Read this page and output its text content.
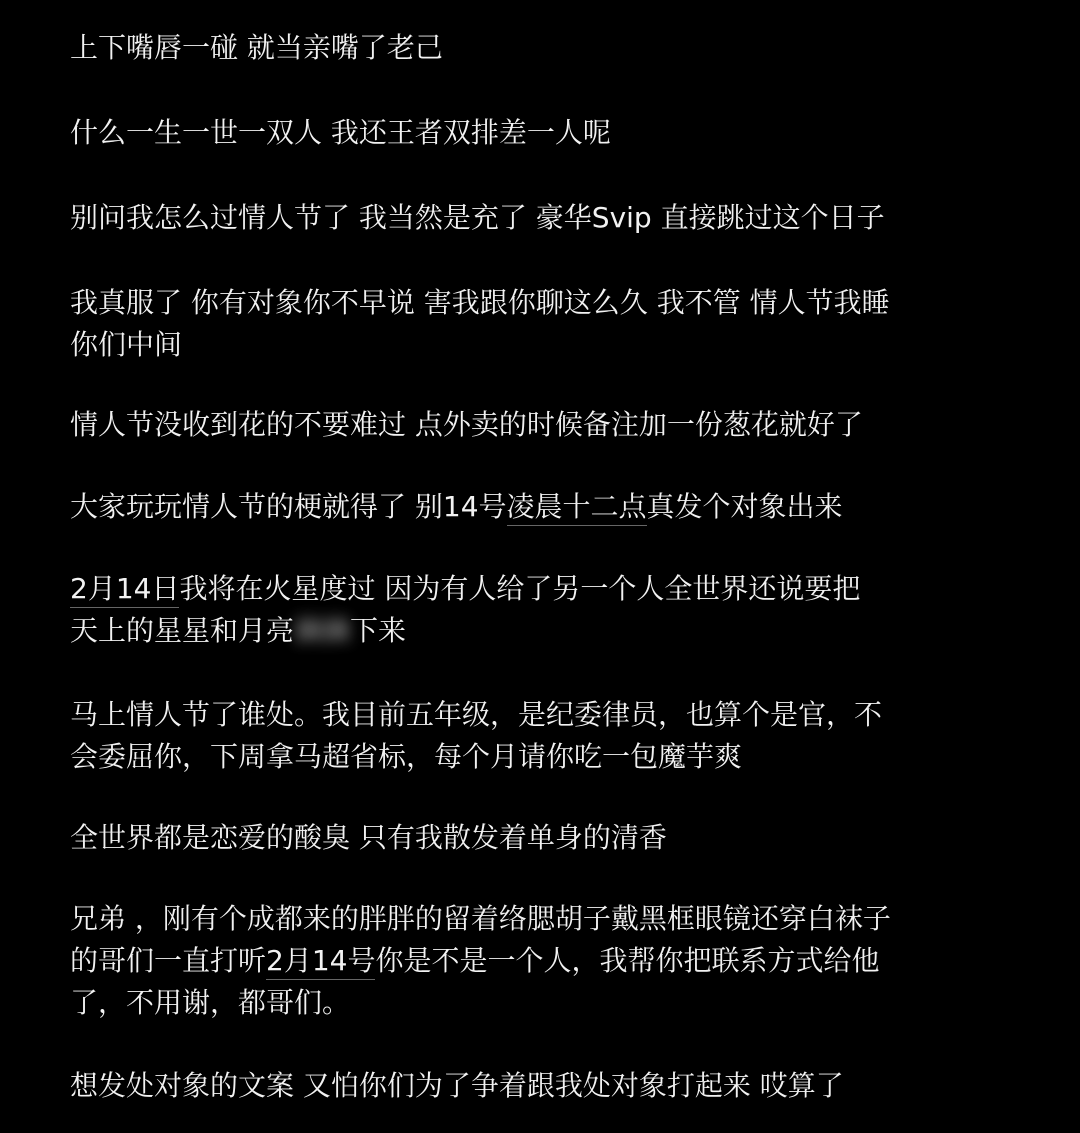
上下嘴唇一碰 就当亲嘴了老己
什么一生一世一双人 我还王者双排差一人呢
别问我怎么过情人节了 我当然是充了 豪华Svip 直接跳过这个日子
我真服了 你有对象你不早说 害我跟你聊这么久 我不管 情人节我睡
你们中间
情人节没收到花的不要难过 点外卖的时候备注加一份葱花就好了
大家玩玩情人节的梗就得了 别14号凌晨十二点真发个对象出来
2月14日我将在火星度过 因为有人给了另一个人全世界还说要把
天上的星星和月亮摘摘下来
马上情人节了谁处。我目前五年级，是纪委律员，也算个是官，不
会委屈你，下周拿马超省标，每个月请你吃一包魔芋爽
全世界都是恋爱的酸臭 只有我散发着单身的清香
兄弟 ，刚有个成都来的胖胖的留着络腮胡子戴黑框眼镜还穿白袜子
的哥们一直打听2月14号你是不是一个人，我帮你把联系方式给他
了，不用谢，都哥们。
想发处对象的文案 又怕你们为了争着跟我处对象打起来 哎算了
